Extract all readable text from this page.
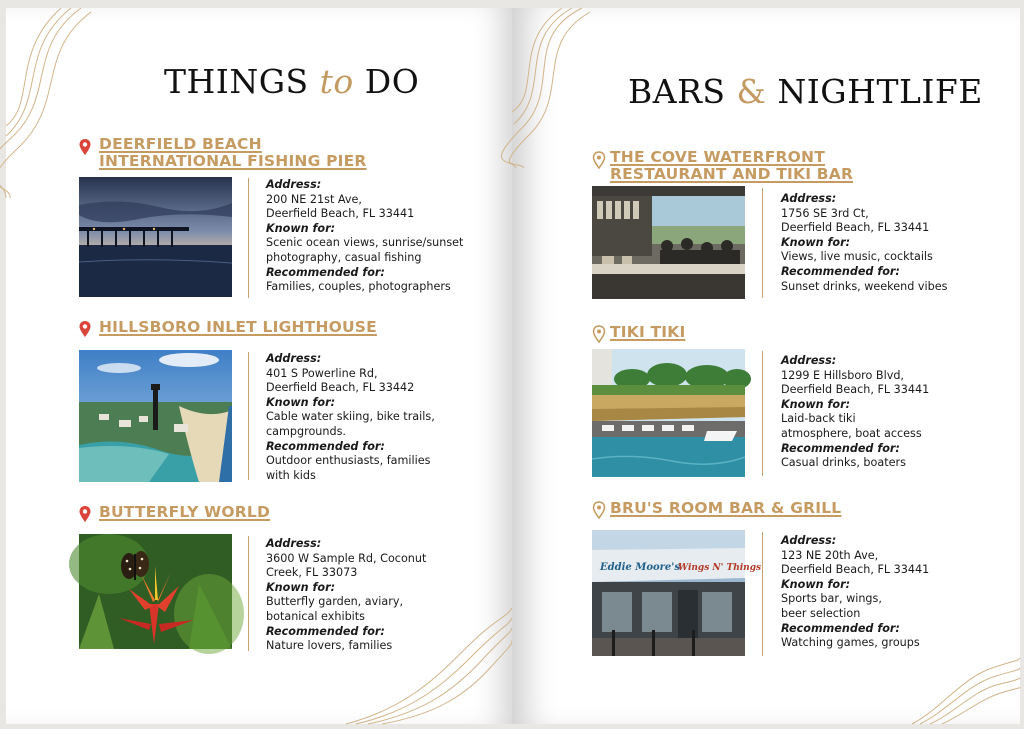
THINGS to DO
DEERFIELD BEACH
INTERNATIONAL FISHING PIER
Address:
200 NE 21st Ave,
Deerfield Beach, FL 33441
Known for:
Scenic ocean views, sunrise/sunset
photography, casual fishing
Recommended for:
Families, couples, photographers
HILLSBORO INLET LIGHTHOUSE
Address:
401 S Powerline Rd,
Deerfield Beach, FL 33442
Known for:
Cable water skiing, bike trails,
campgrounds.
Recommended for:
Outdoor enthusiasts, families
with kids
BUTTERFLY WORLD
Address:
3600 W Sample Rd, Coconut
Creek, FL 33073
Known for:
Butterfly garden, aviary,
botanical exhibits
Recommended for:
Nature lovers, families
BARS & NIGHTLIFE
THE COVE WATERFRONT
RESTAURANT AND TIKI BAR
Address:
1756 SE 3rd Ct,
Deerfield Beach, FL 33441
Known for:
Views, live music, cocktails
Recommended for:
Sunset drinks, weekend vibes
TIKI TIKI
Address:
1299 E Hillsboro Blvd,
Deerfield Beach, FL 33441
Known for:
Laid-back tiki
atmosphere, boat access
Recommended for:
Casual drinks, boaters
BRU'S ROOM BAR & GRILL
Eddie Moore's
Wings N' Things
Address:
123 NE 20th Ave,
Deerfield Beach, FL 33441
Known for:
Sports bar, wings,
beer selection
Recommended for:
Watching games, groups
